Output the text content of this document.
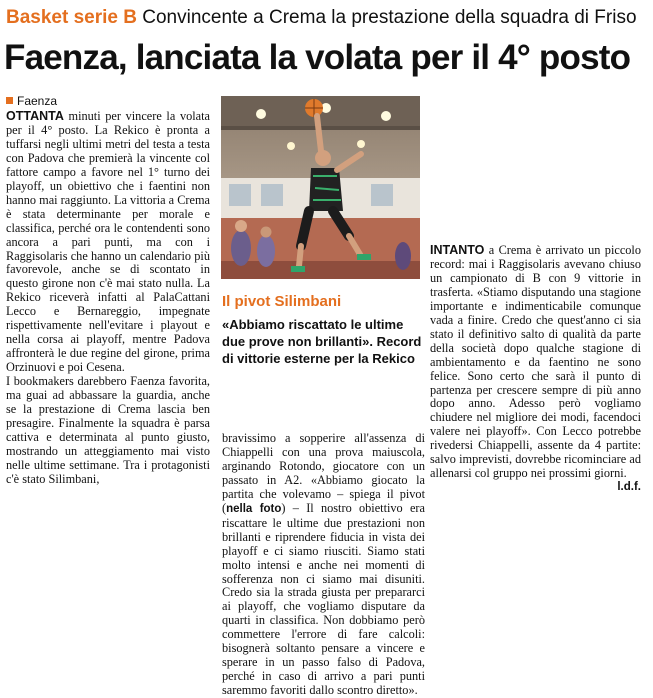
Basket serie B Convincente a Crema la prestazione della squadra di Friso
Faenza, lanciata la volata per il 4° posto
Faenza

OTTANTA minuti per vincere la volata per il 4° posto. La Rekico è pronta a tuffarsi negli ultimi metri del testa a testa con Padova che premierà la vincente col fattore campo a favore nel 1° turno dei playoff, un obiettivo che i faentini non hanno mai raggiunto. La vittoria a Crema è stata determinante per morale e classifica, perché ora le contendenti sono ancora a pari punti, ma con i Raggisolaris che hanno un calendario più favorevole, anche se di scontato in questo girone non c'è mai stato nulla. La Rekico riceverà infatti al PalaCattani Lecco e Bernareggio, impegnate rispettivamente nell'evitare i playout e nella corsa ai playoff, mentre Padova affronterà le due regine del girone, prima Orzinuovi e poi Cesena.

I bookmakers darebbero Faenza favorita, ma guai ad abbassare la guardia, anche se la prestazione di Crema lascia ben presagire. Finalmente la squadra è parsa cattiva e determinata al punto giusto, mostrando un atteggiamento mai visto nelle ultime settimane. Tra i protagonisti c'è stato Silimbani,

Il pivot Silimbani
«Abbiamo riscattato le ultime due prove non brillanti». Record di vittorie esterne per la Rekico

bravissimo a sopperire all'assenza di Chiappelli con una prova maiuscola, arginando Rotondo, giocatore con un passato in A2. «Abbiamo giocato la partita che volevamo – spiega il pivot (nella foto) – Il nostro obiettivo era riscattare le ultime due prestazioni non brillanti e riprendere fiducia in vista dei playoff e ci siamo riusciti. Siamo stati molto intensi e anche nei momenti di sofferenza non ci siamo mai disuniti. Credo sia la strada giusta per prepararci ai playoff, che vogliamo disputare da quarti in classifica. Non dobbiamo però commettere l'errore di fare calcoli: bisognerà soltanto pensare a vincere e sperare in un passo falso di Padova, perché in caso di arrivo a pari punti saremmo favoriti dallo scontro diretto».

INTANTO a Crema è arrivato un piccolo record: mai i Raggisolaris avevano chiuso un campionato di B con 9 vittorie in trasferta. «Stiamo disputando una stagione importante e indimenticabile comunque vada a finire. Credo che quest'anno ci sia stato il definitivo salto di qualità da parte della società dopo qualche stagione di ambientamento e da faentino ne sono felice. Sono certo che sarà il punto di partenza per crescere sempre di più anno dopo anno. Adesso però vogliamo chiudere nel migliore dei modi, facendoci valere nei playoff». Con Lecco potrebbe rivedersi Chiappelli, assente da 4 partite: salvo imprevisti, dovrebbe ricominciare ad allenarsi col gruppo nei prossimi giorni.

l.d.f.
